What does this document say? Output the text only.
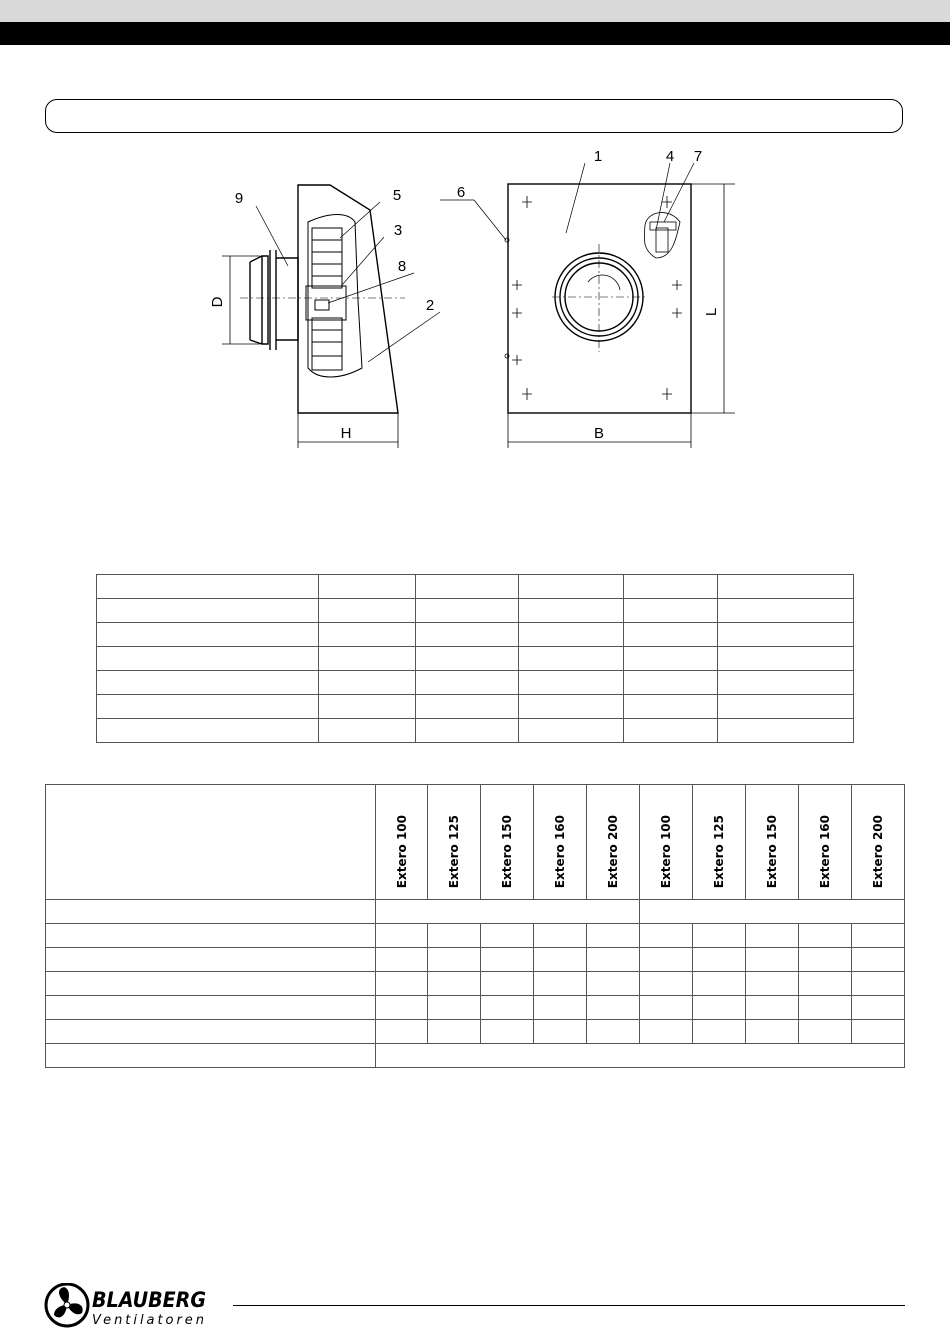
1
2
3
4
5	6
7
8
9
H	B
D
L

	Extero 100	Extero 125	Extero 150	Extero 160	Extero 200	Extero 100	Extero 125	Extero 150	Extero 160	Extero 200

BLAUBERG
Ventilatoren
